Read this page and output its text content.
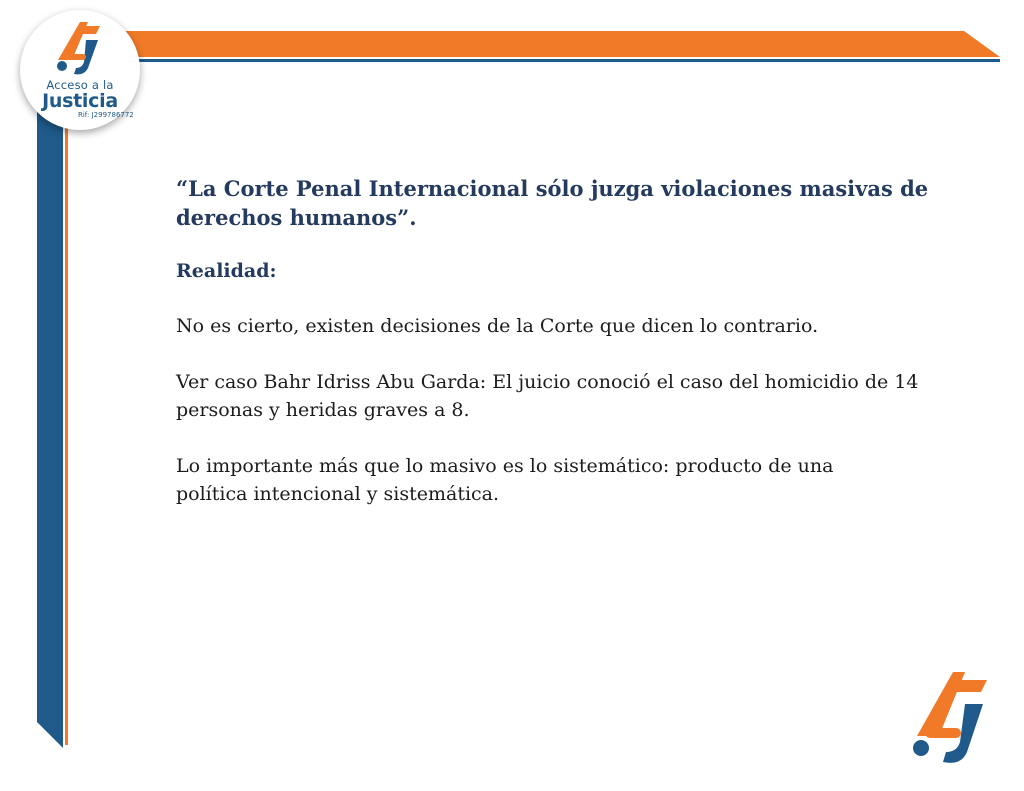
Acceso a la
Justicia
Rif: J299786772

“La Corte Penal Internacional sólo juzga violaciones masivas de derechos humanos”.

Realidad:

No es cierto, existen decisiones de la Corte que dicen lo contrario.

Ver caso Bahr Idriss Abu Garda: El juicio conoció el caso del homicidio de 14 personas y heridas graves a 8.

Lo importante más que lo masivo es lo sistemático: producto de una política intencional y sistemática.
